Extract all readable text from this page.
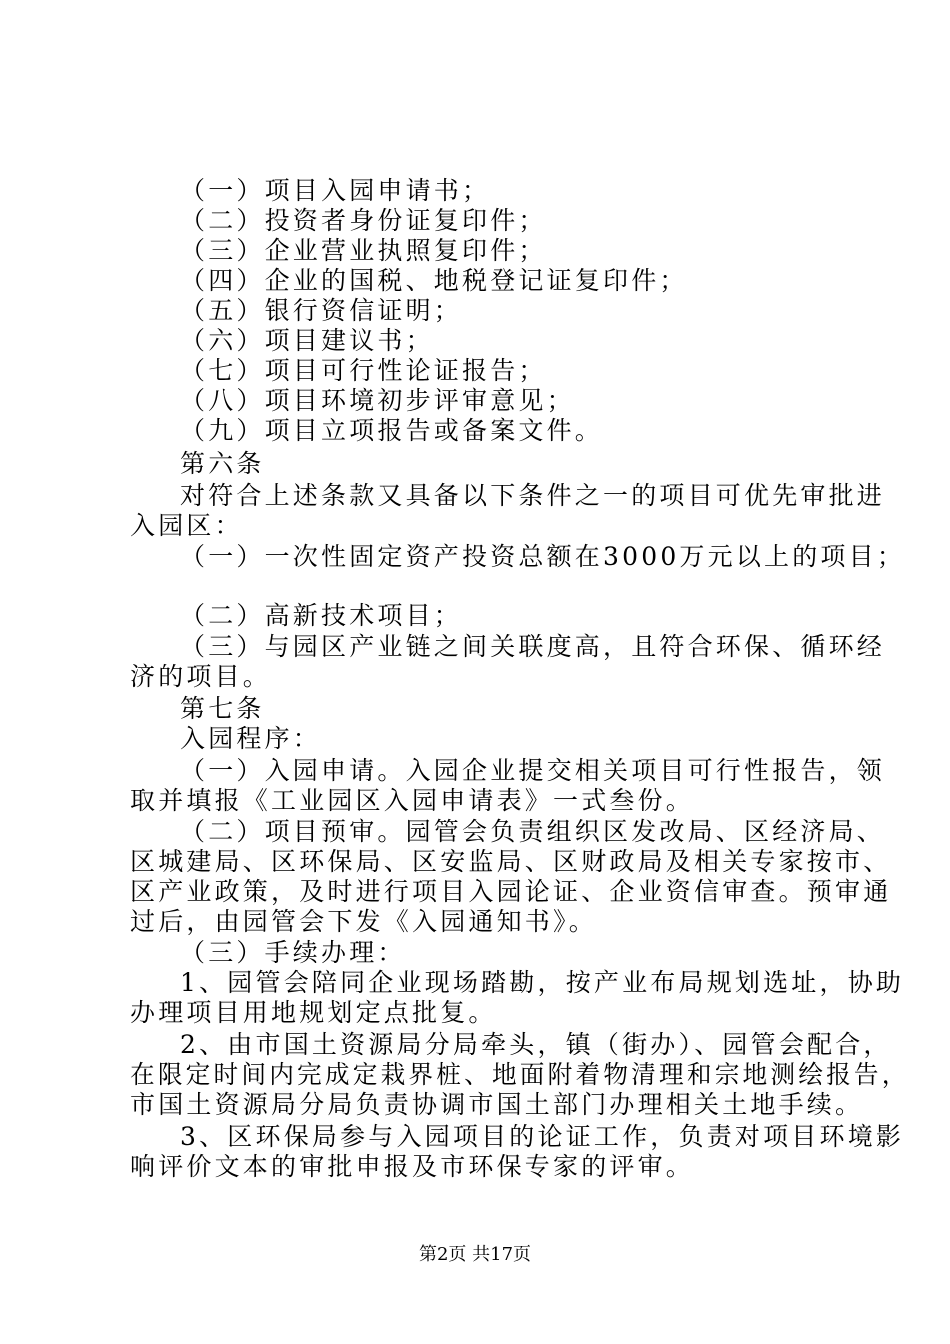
（一）项目入园申请书；
（二）投资者身份证复印件；
（三）企业营业执照复印件；
（四）企业的国税、地税登记证复印件；
（五）银行资信证明；
（六）项目建议书；
（七）项目可行性论证报告；
（八）项目环境初步评审意见；
（九）项目立项报告或备案文件。
第六条
对符合上述条款又具备以下条件之一的项目可优先审批进
入园区：
（一）一次性固定资产投资总额在3000万元以上的项目；
（二）高新技术项目；
（三）与园区产业链之间关联度高，且符合环保、循环经
济的项目。
第七条
入园程序：
（一）入园申请。入园企业提交相关项目可行性报告，领
取并填报《工业园区入园申请表》一式叁份。
（二）项目预审。园管会负责组织区发改局、区经济局、
区城建局、区环保局、区安监局、区财政局及相关专家按市、
区产业政策，及时进行项目入园论证、企业资信审查。预审通
过后，由园管会下发《入园通知书》。
（三）手续办理：
1、园管会陪同企业现场踏勘，按产业布局规划选址，协助
办理项目用地规划定点批复。
2、由市国土资源局分局牵头，镇（街办）、园管会配合，
在限定时间内完成定栽界桩、地面附着物清理和宗地测绘报告，
市国土资源局分局负责协调市国土部门办理相关土地手续。
3、区环保局参与入园项目的论证工作，负责对项目环境影
响评价文本的审批申报及市环保专家的评审。
第2页 共17页
